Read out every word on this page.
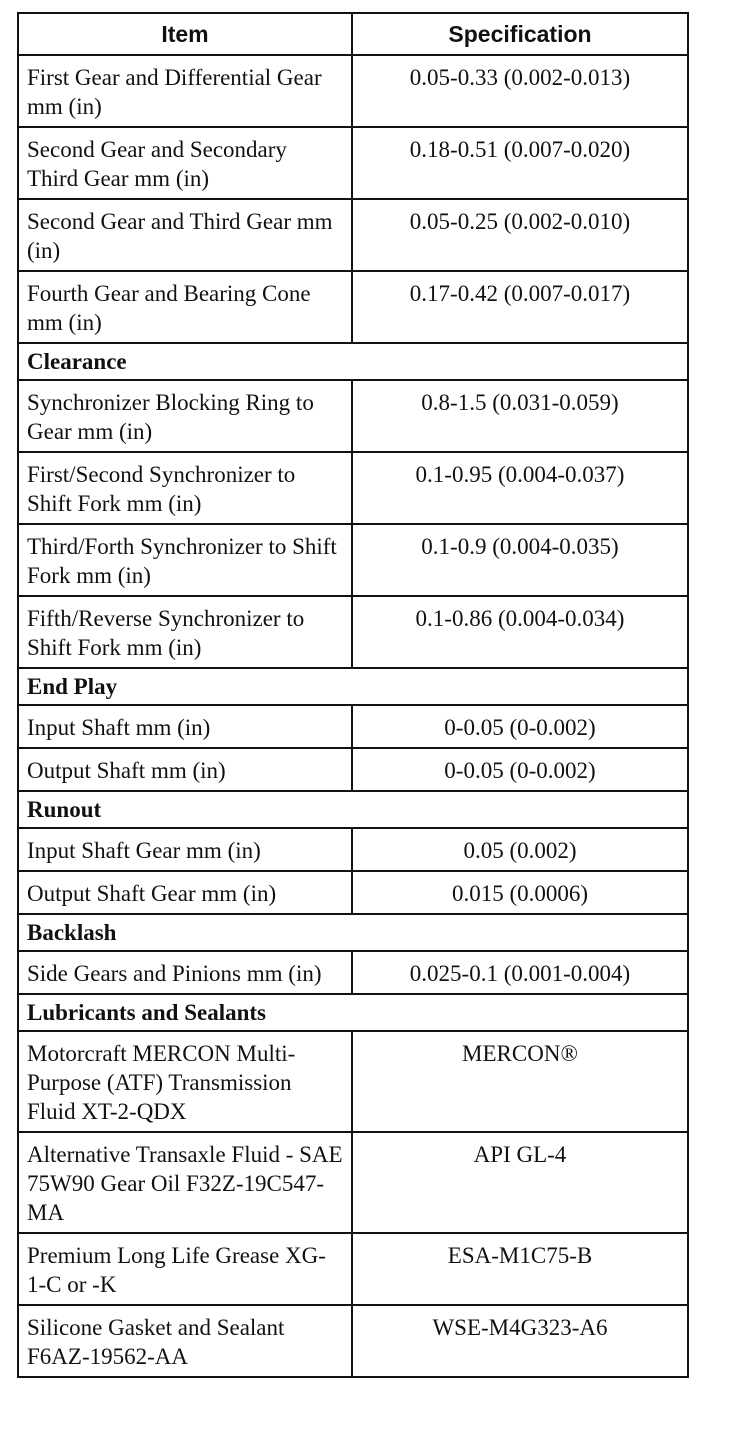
Item	Specification
First Gear and Differential Gear mm (in)	0.05-0.33 (0.002-0.013)
Second Gear and Secondary Third Gear mm (in)	0.18-0.51 (0.007-0.020)
Second Gear and Third Gear mm (in)	0.05-0.25 (0.002-0.010)
Fourth Gear and Bearing Cone mm (in)	0.17-0.42 (0.007-0.017)
Clearance	
Synchronizer Blocking Ring to Gear mm (in)	0.8-1.5 (0.031-0.059)
First/Second Synchronizer to Shift Fork mm (in)	0.1-0.95 (0.004-0.037)
Third/Forth Synchronizer to Shift Fork mm (in)	0.1-0.9 (0.004-0.035)
Fifth/Reverse Synchronizer to Shift Fork mm (in)	0.1-0.86 (0.004-0.034)
End Play	
Input Shaft mm (in)	0-0.05 (0-0.002)
Output Shaft mm (in)	0-0.05 (0-0.002)
Runout	
Input Shaft Gear mm (in)	0.05 (0.002)
Output Shaft Gear mm (in)	0.015 (0.0006)
Backlash	
Side Gears and Pinions mm (in)	0.025-0.1 (0.001-0.004)
Lubricants and Sealants	
Motorcraft MERCON Multi-Purpose (ATF) Transmission Fluid XT-2-QDX	MERCON®
Alternative Transaxle Fluid - SAE 75W90 Gear Oil F32Z-19C547-MA	API GL-4
Premium Long Life Grease XG-1-C or -K	ESA-M1C75-B
Silicone Gasket and Sealant F6AZ-19562-AA	WSE-M4G323-A6
